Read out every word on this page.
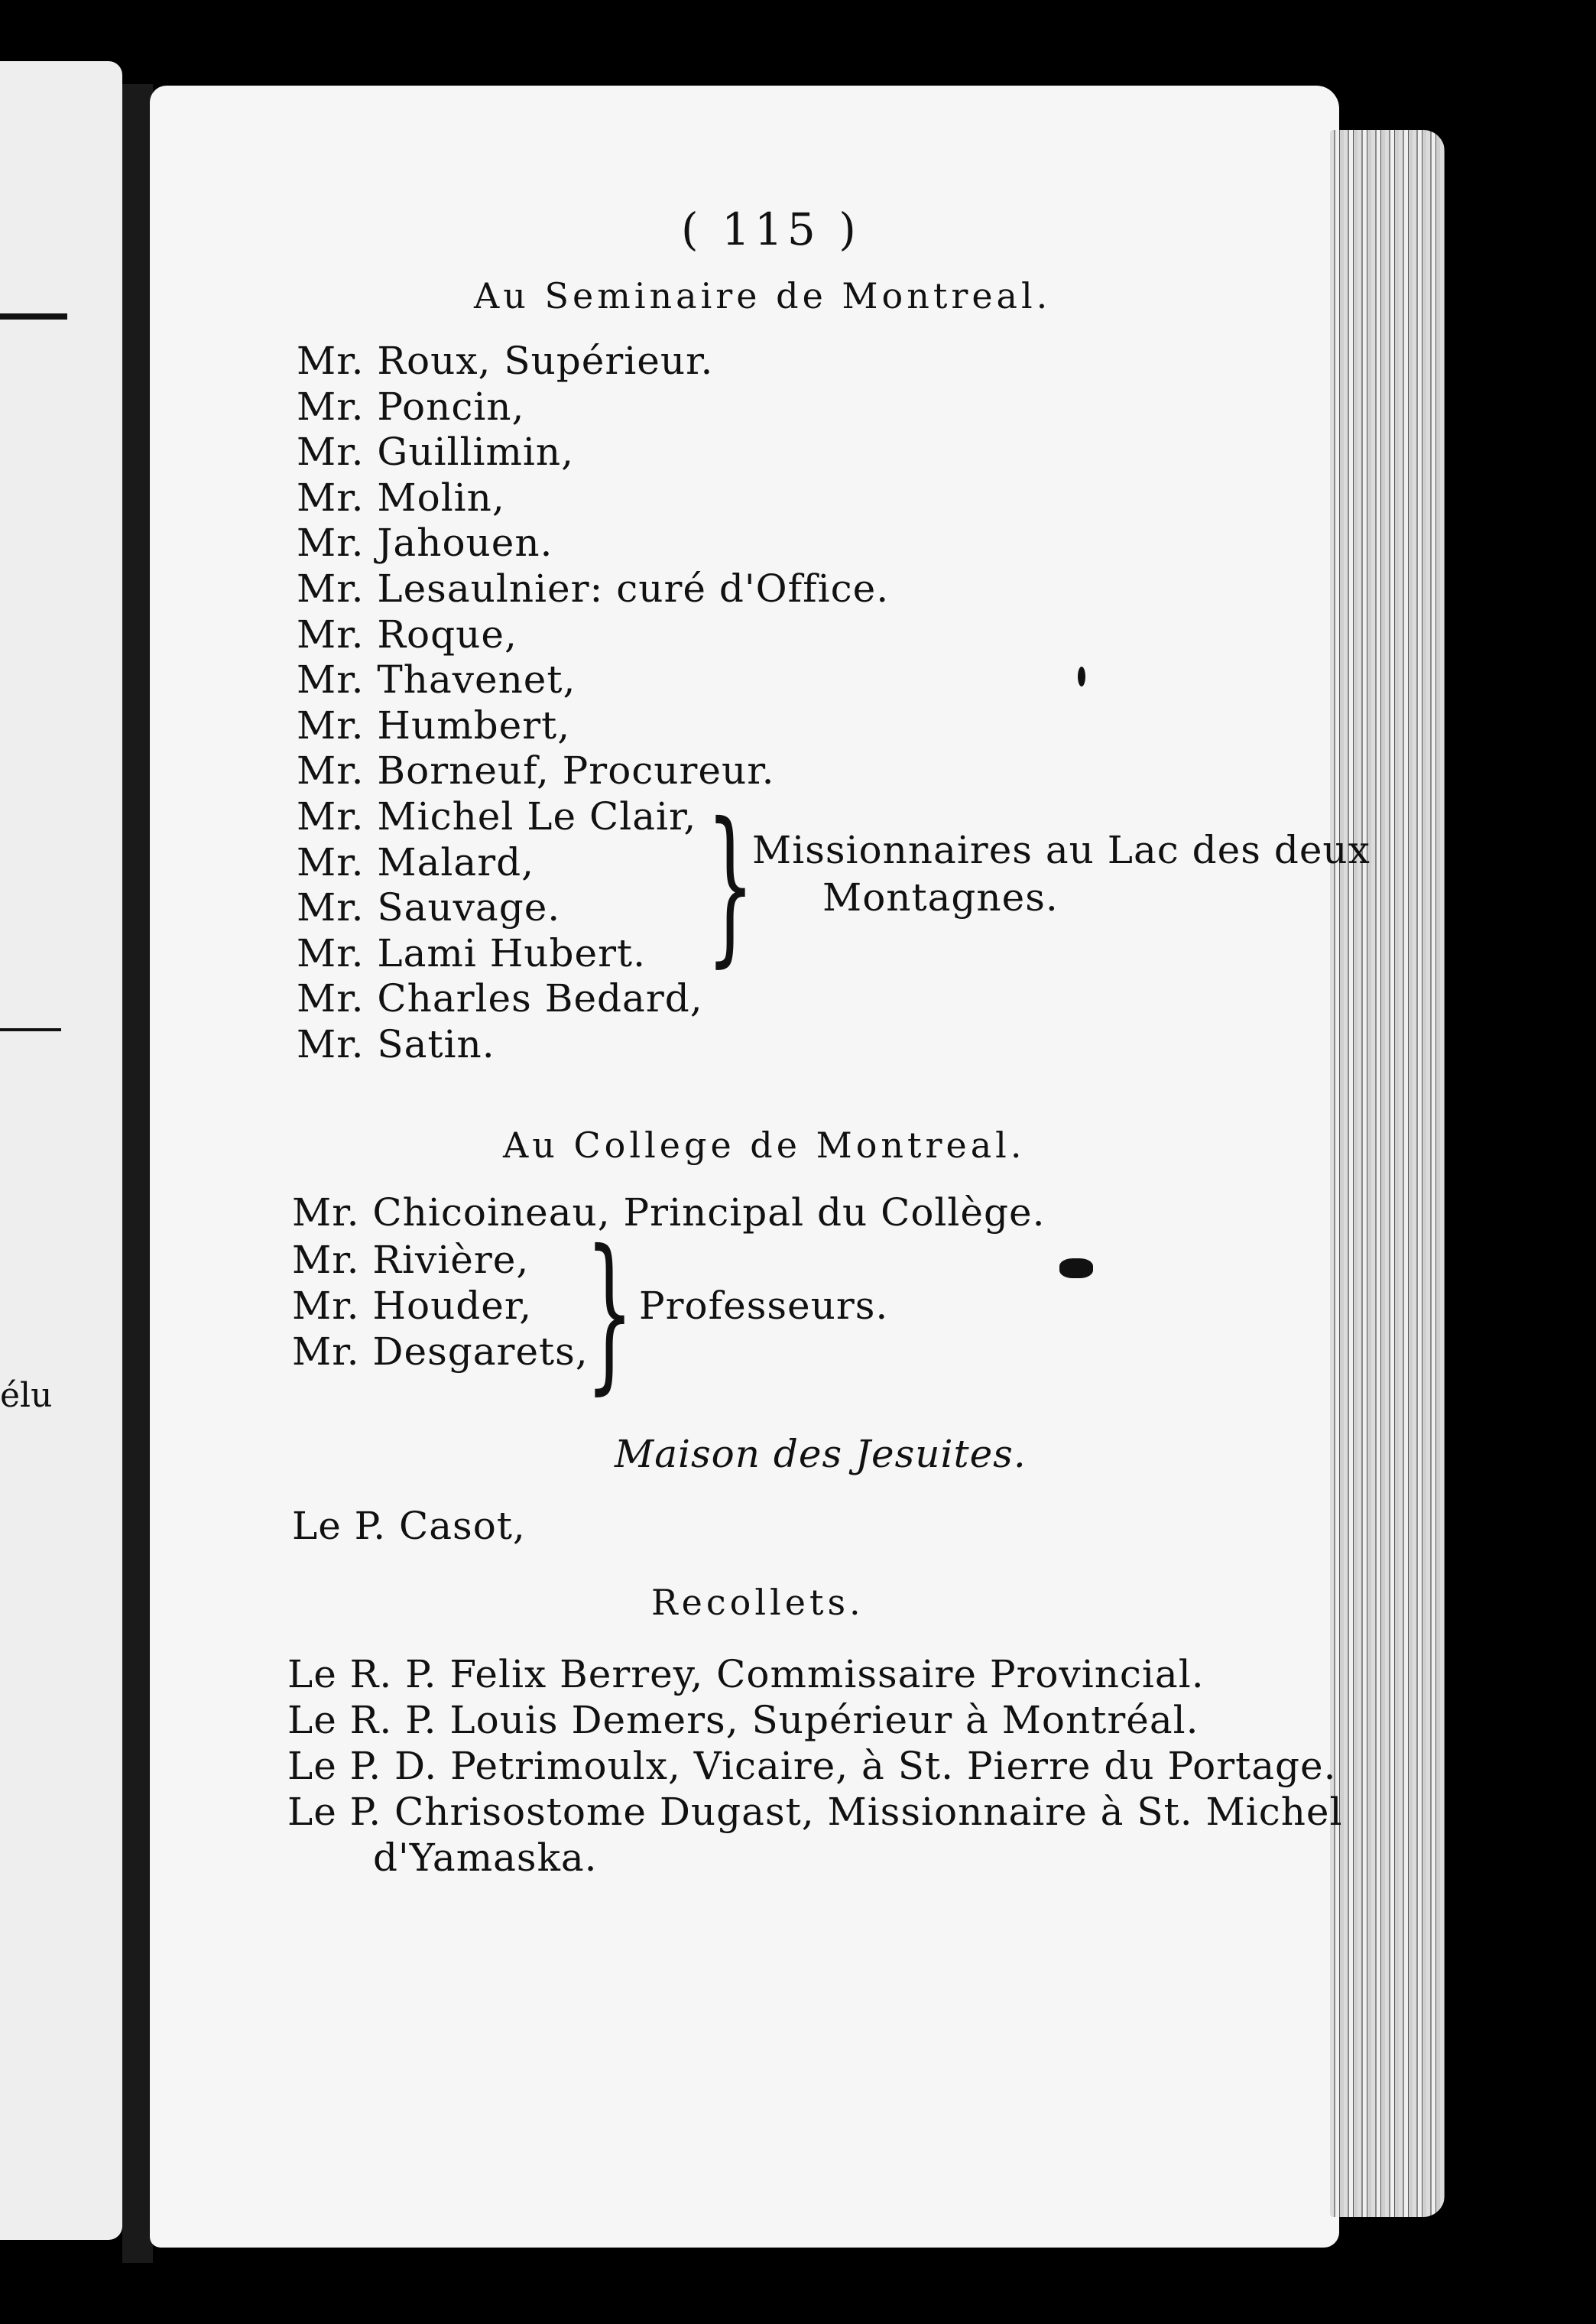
élu
( 115 )
Au Seminaire de Montreal.
}
Missionnaires au Lac des deux
Montagnes.
Au College de Montreal.
Mr. Chicoineau, Principal du Collège.
} Professeurs.
Maison des Jesuites.
Le P. Casot,
Recollets.
Mr. Roux, Supérieur.
Mr. Poncin,
Mr. Guillimin,
Mr. Molin,
Mr. Jahouen.
Mr. Lesaulnier: curé d'Office.
Mr. Roque,
Mr. Thavenet,
Mr. Humbert,
Mr. Borneuf, Procureur.
Mr. Michel Le Clair,
Mr. Malard,
Mr. Sauvage.
Mr. Lami Hubert.
Mr. Charles Bedard,
Mr. Satin.
Mr. Rivière,
Mr. Houder,
Mr. Desgarets,
Le R. P. Felix Berrey, Commissaire Provincial.
Le R. P. Louis Demers, Supérieur à Montréal.
Le P. D. Petrimoulx, Vicaire, à St. Pierre du Portage.
Le P. Chrisostome Dugast, Missionnaire à St. Michel
d'Yamaska.
